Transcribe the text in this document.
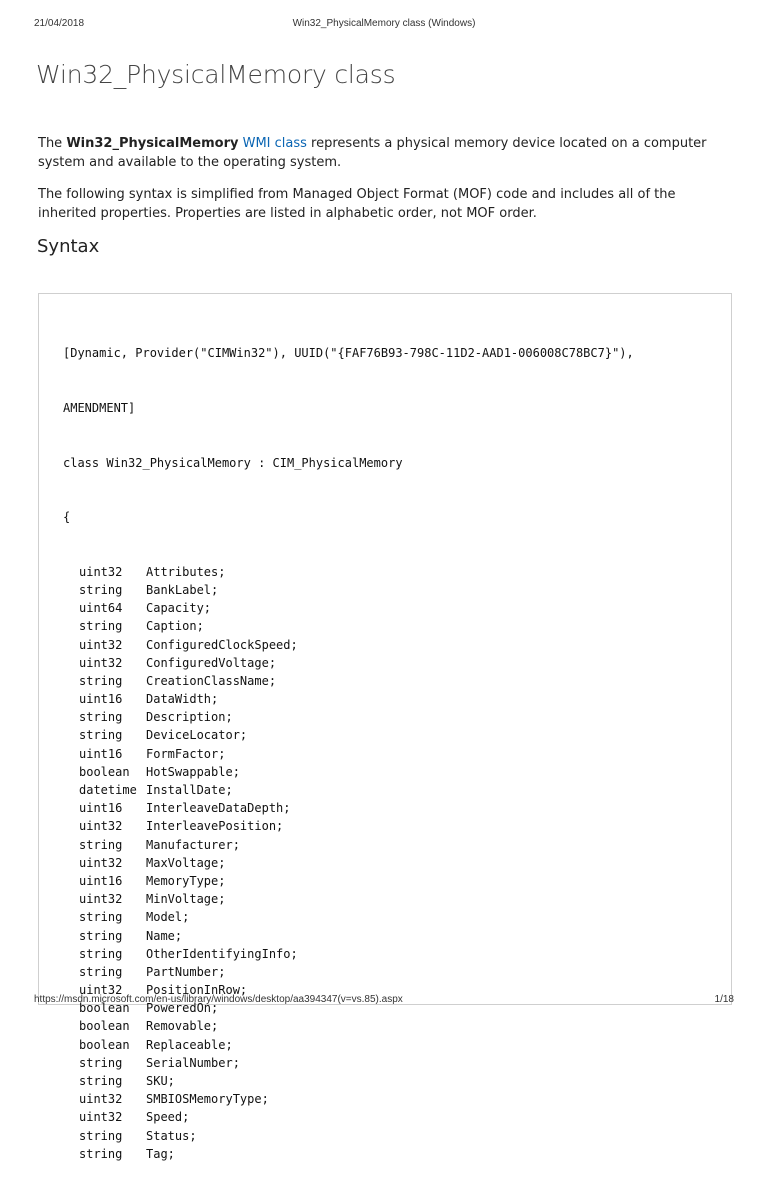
21/04/2018	Win32_PhysicalMemory class (Windows)
Win32_PhysicalMemory class

The Win32_PhysicalMemory WMI class represents a physical memory device located on a computer system and available to the operating system.

The following syntax is simplified from Managed Object Format (MOF) code and includes all of the inherited properties. Properties are listed in alphabetic order, not MOF order.

Syntax

[Dynamic, Provider("CIMWin32"), UUID("{FAF76B93-798C-11D2-AAD1-006008C78BC7}"),

AMENDMENT]

class Win32_PhysicalMemory : CIM_PhysicalMemory

{

uint32 Attributes;
string BankLabel;
uint64 Capacity;
string Caption;
uint32 ConfiguredClockSpeed;
uint32 ConfiguredVoltage;
string CreationClassName;
uint16 DataWidth;
string Description;
string DeviceLocator;
uint16 FormFactor;
boolean HotSwappable;
datetime InstallDate;
uint16 InterleaveDataDepth;
uint32 InterleavePosition;
string Manufacturer;
uint32 MaxVoltage;
uint16 MemoryType;
uint32 MinVoltage;
string Model;
string Name;
string OtherIdentifyingInfo;
string PartNumber;
uint32 PositionInRow;
boolean PoweredOn;
boolean Removable;
boolean Replaceable;
string SerialNumber;
string SKU;
uint32 SMBIOSMemoryType;
uint32 Speed;
string Status;
string Tag;

https://msdn.microsoft.com/en-us/library/windows/desktop/aa394347(v=vs.85).aspx	1/18
